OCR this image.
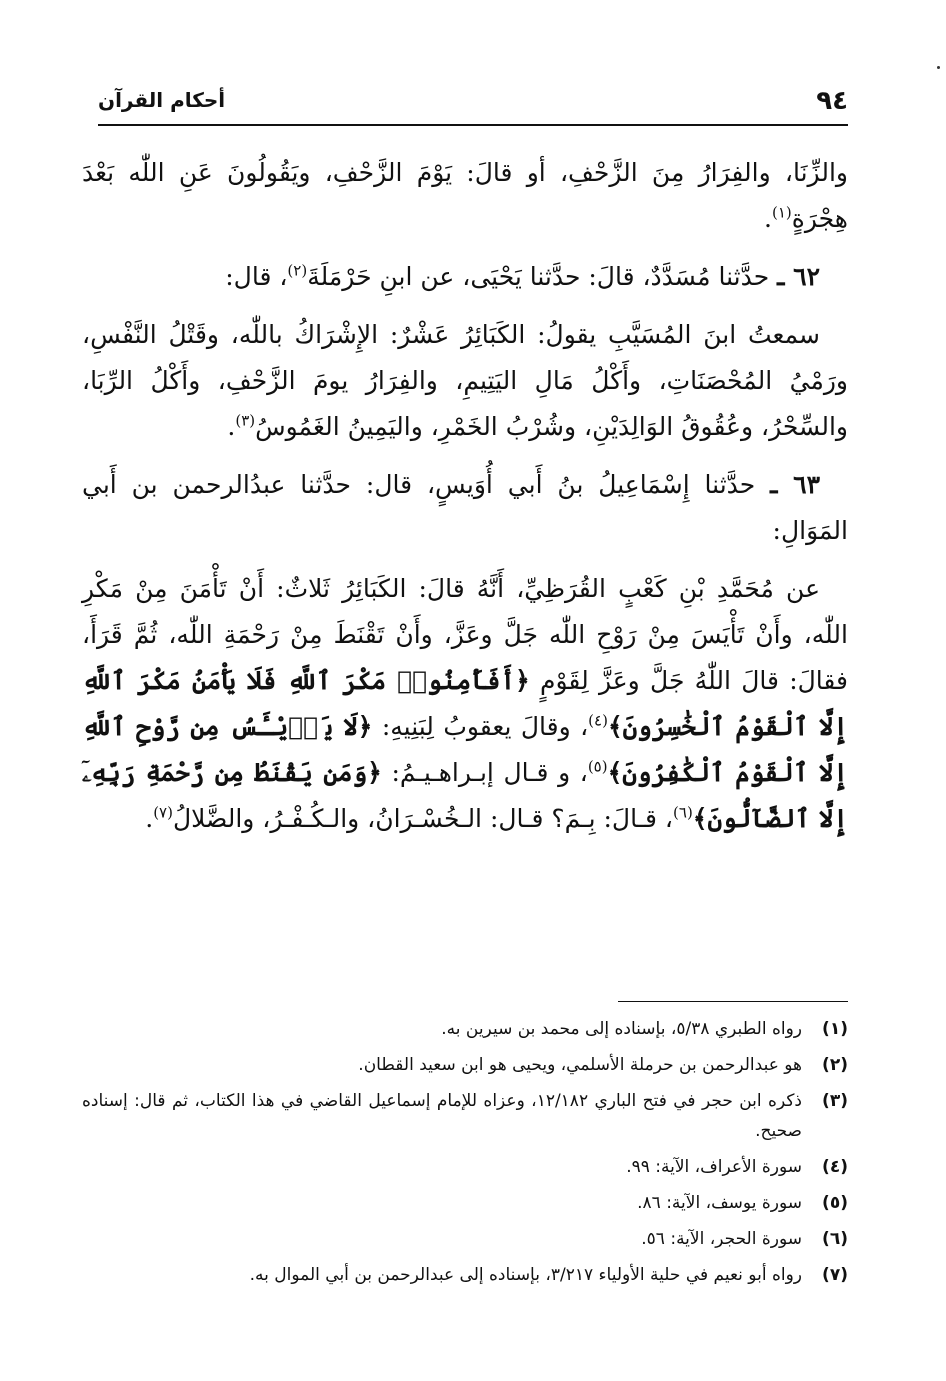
٩٤
أحكام القرآن

والزِّنَا، والفِرَارُ مِنَ الزَّحْفِ، أو قالَ: يَوْمَ الزَّحْفِ، ويَقُولُونَ عَنِ اللّٰه بَعْدَ هِجْرَةٍ$^{(١)}$.

٦٢ ـ حدَّثنا مُسَدَّدٌ، قالَ: حدَّثنا يَحْيَى، عن ابنِ حَرْمَلَةَ$^{(٢)}$، قال:

سمعتُ ابنَ المُسَيَّبِ يقولُ: الكَبَائِرُ عَشْرٌ: الإِشْرَاكُ باللّٰه، وقَتْلُ النَّفْسِ، ورَمْيُ المُحْصَنَاتِ، وأَكْلُ مَالِ اليَتِيمِ، والفِرَارُ يومَ الزَّحْفِ، وأَكْلُ الرِّبَا، والسِّحْرُ، وعُقُوقُ الوَالِدَيْنِ، وشُرْبُ الخَمْرِ، واليَمِينُ الغَمُوسُ$^{(٣)}$.

٦٣ ـ حدَّثنا إِسْمَاعِيلُ بنُ أَبي أُوَيسٍ، قال: حدَّثنا عبدُالرحمن بن أَبي المَوَالِ:

عن مُحَمَّدِ بْنِ كَعْبٍ القُرَظِيِّ، أَنَّهُ قالَ: الكَبَائِرُ ثَلاثٌ: أَنْ تَأْمَنَ مِنْ مَكْرِ اللّٰه، وأَنْ تَأْيَسَ مِنْ رَوْحِ اللّٰه جَلَّ وعَزَّ، وأَنْ تَقْنَطَ مِنْ رَحْمَةِ اللّٰه، ثُمَّ قَرَأَ، فقالَ: قالَ اللّٰهُ جَلَّ وعَزَّ لِقَوْمٍ ﴿أَفَأَمِنُوا۟ مَكْرَ ٱللَّهِ فَلَا يَأْمَنُ مَكْرَ ٱللَّهِ إِلَّا ٱلْقَوْمُ ٱلْخَٰسِرُونَ﴾$^{(٤)}$، وقالَ يعقوبُ لِبَنِيهِ: ﴿لَا يَا۟يْـَٔسُ مِن رَّوْحِ ٱللَّهِ إِلَّا ٱلْقَوْمُ ٱلْكَٰفِرُونَ﴾$^{(٥)}$، و قـال إبـراهـيـمُ: ﴿وَمَن يَقْنَطُ مِن رَّحْمَةِ رَبِّهِۦٓ إِلَّا ٱلضَّآلُّونَ﴾$^{(٦)}$، قـالَ: بِـمَ؟ قـال: الـخُسْـرَانُ، والـكُـفْـرُ، والضَّلالُ$^{(٧)}$.

(١)
رواه الطبري ٥/٣٨، بإسناده إلى محمد بن سيرين به.
(٢)
هو عبدالرحمن بن حرملة الأسلمي، ويحيى هو ابن سعيد القطان.
(٣)
ذكره ابن حجر في فتح الباري ١٢/١٨٢، وعزاه للإمام إسماعيل القاضي في هذا الكتاب، ثم قال: إسناده صحيح.
(٤)
سورة الأعراف، الآية: ٩٩.
(٥)
سورة يوسف، الآية: ٨٦.
(٦)
سورة الحجر، الآية: ٥٦.
(٧)
رواه أبو نعيم في حلية الأولياء ٣/٢١٧، بإسناده إلى عبدالرحمن بن أبي الموال به.
